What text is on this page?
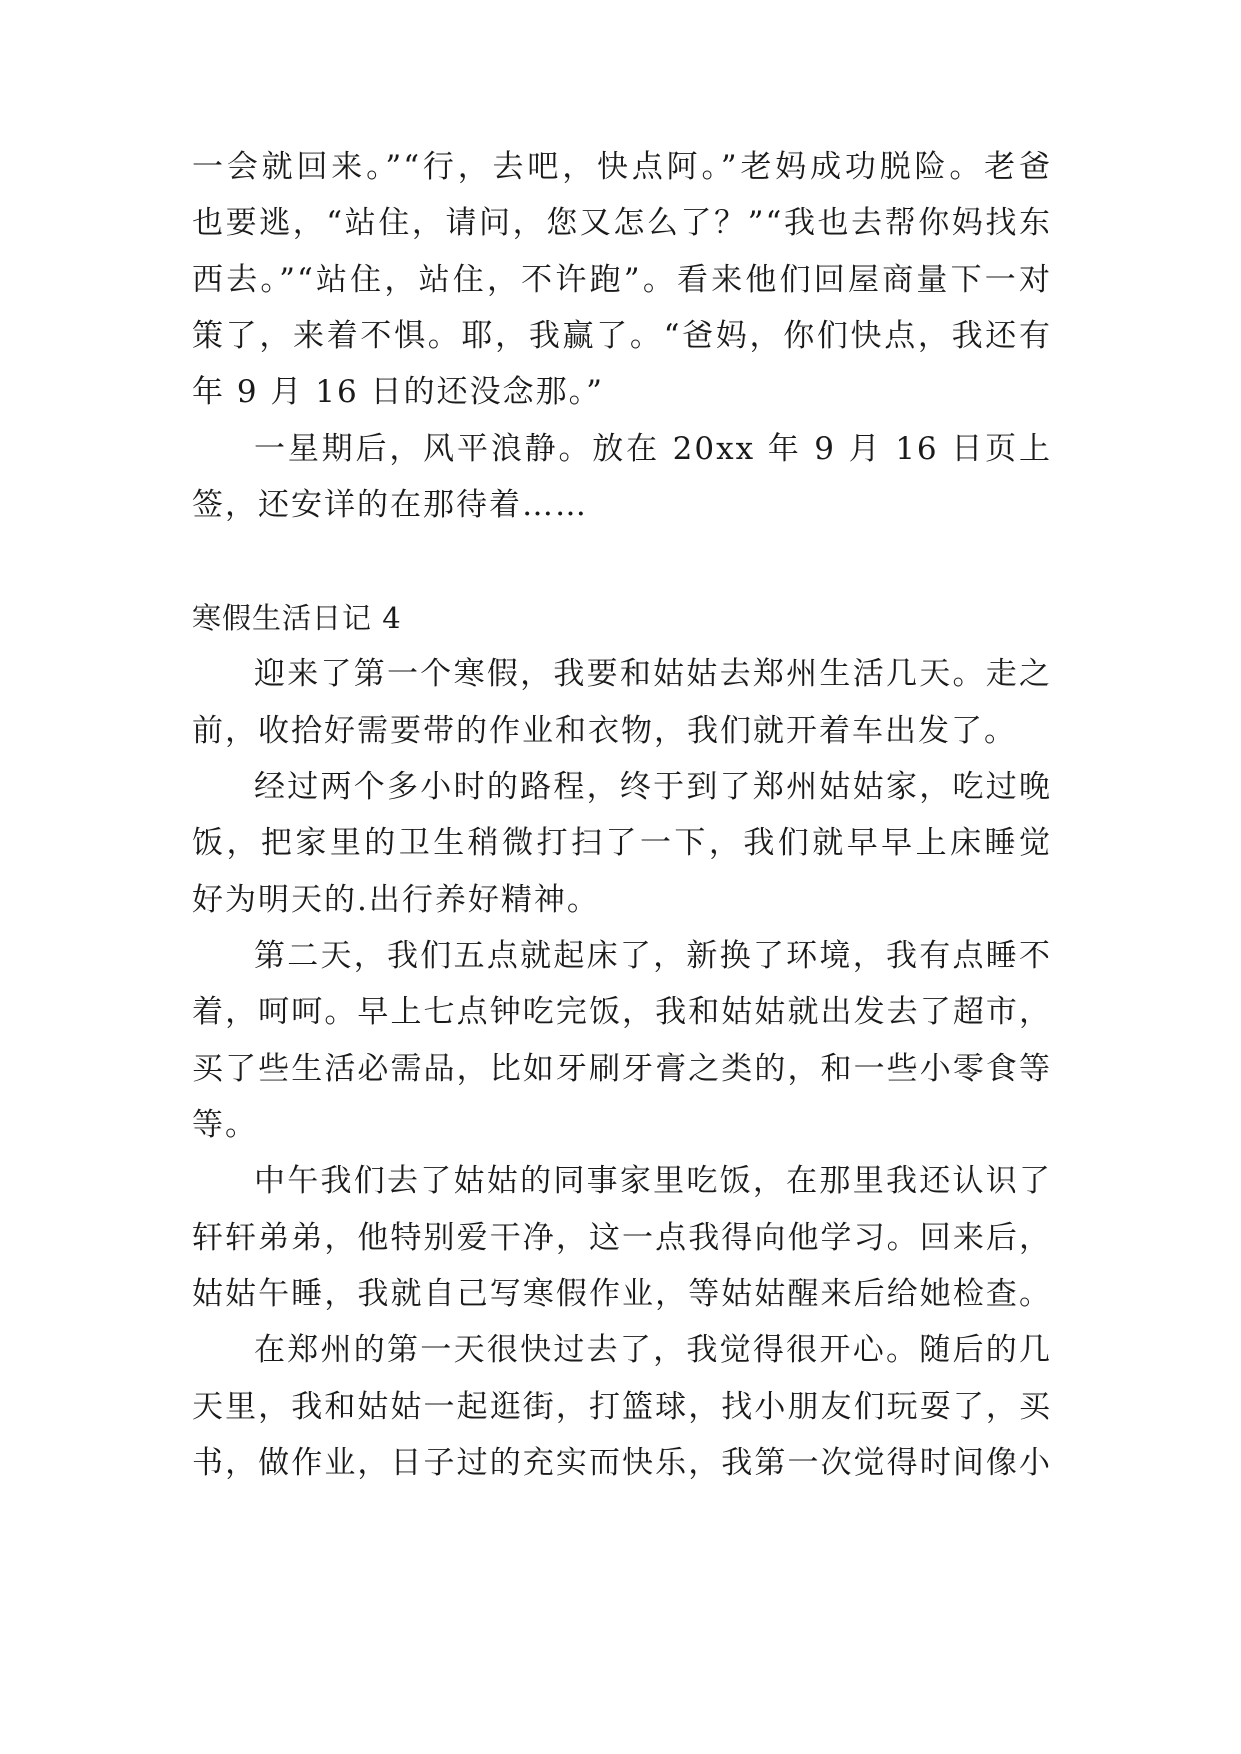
一会就回来。”“行，去吧，快点阿。”老妈成功脱险。老爸
也要逃，“站住，请问，您又怎么了？”“我也去帮你妈找东
西去。”“站住，站住，不许跑”。看来他们回屋商量下一对
策了，来着不惧。耶，我赢了。“爸妈，你们快点，我还有
年 9 月 16 日的还没念那。”
一星期后，风平浪静。放在 20xx 年 9 月 16 日页上
签，还安详的在那待着……
寒假生活日记 4
迎来了第一个寒假，我要和姑姑去郑州生活几天。走之
前，收拾好需要带的作业和衣物，我们就开着车出发了。
经过两个多小时的路程，终于到了郑州姑姑家，吃过晚
饭，把家里的卫生稍微打扫了一下，我们就早早上床睡觉
好为明天的.出行养好精神。
第二天，我们五点就起床了，新换了环境，我有点睡不
着，呵呵。早上七点钟吃完饭，我和姑姑就出发去了超市，
买了些生活必需品，比如牙刷牙膏之类的，和一些小零食等
等。
中午我们去了姑姑的同事家里吃饭，在那里我还认识了
轩轩弟弟，他特别爱干净，这一点我得向他学习。回来后，
姑姑午睡，我就自己写寒假作业，等姑姑醒来后给她检查。
在郑州的第一天很快过去了，我觉得很开心。随后的几
天里，我和姑姑一起逛街，打篮球，找小朋友们玩耍了，买
书，做作业，日子过的充实而快乐，我第一次觉得时间像小
